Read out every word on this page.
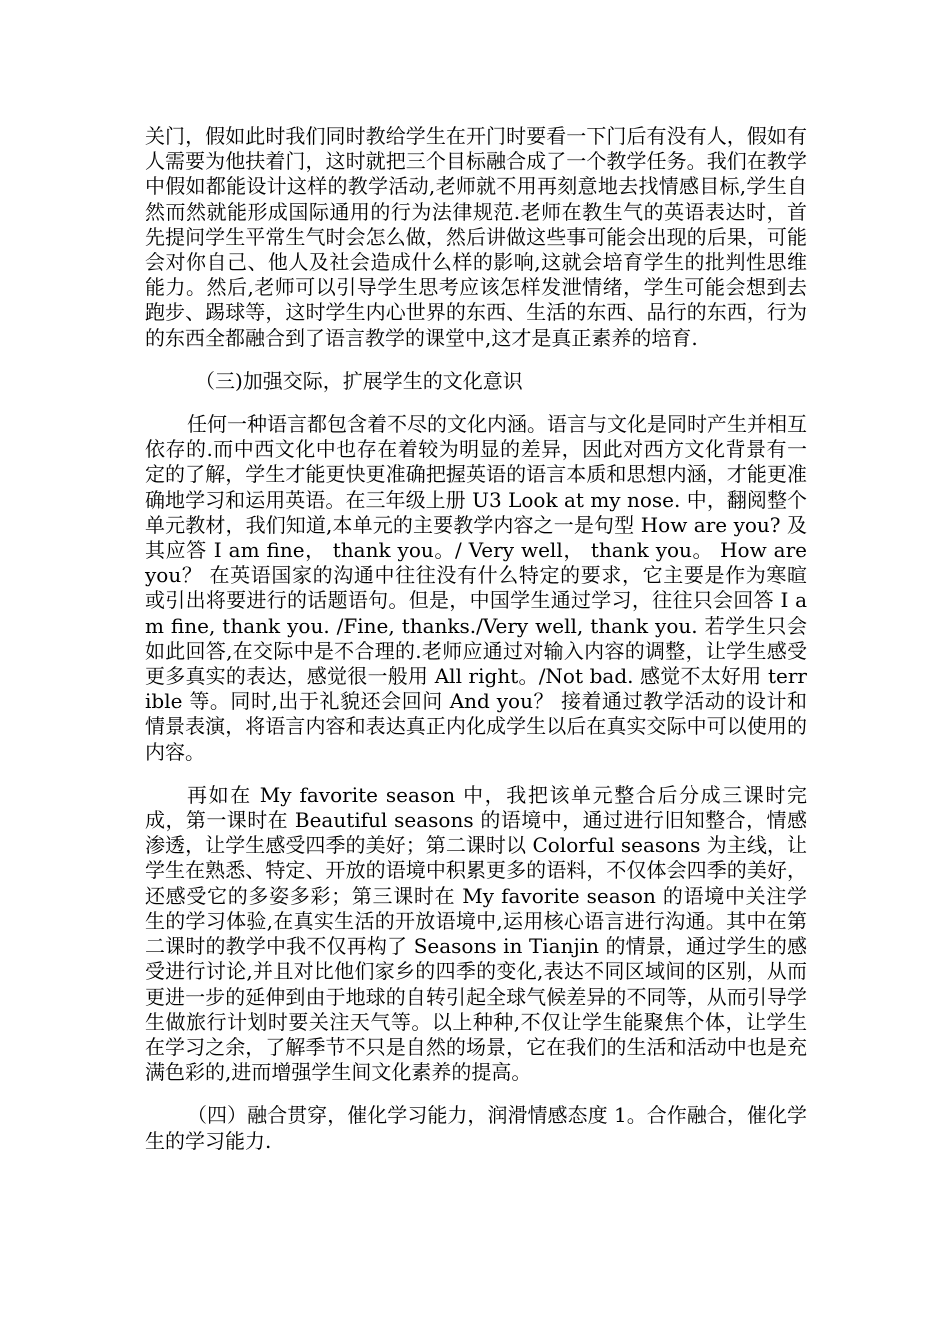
关门，假如此时我们同时教给学生在开门时要看一下门后有没有人，假如有人需要为他扶着门，这时就把三个目标融合成了一个教学任务。我们在教学中假如都能设计这样的教学活动,老师就不用再刻意地去找情感目标,学生自然而然就能形成国际通用的行为法律规范.老师在教生气的英语表达时，首先提问学生平常生气时会怎么做，然后讲做这些事可能会出现的后果，可能会对你自己、他人及社会造成什么样的影响,这就会培育学生的批判性思维能力。然后,老师可以引导学生思考应该怎样发泄情绪，学生可能会想到去跑步、踢球等，这时学生内心世界的东西、生活的东西、品行的东西，行为的东西全都融合到了语言教学的课堂中,这才是真正素养的培育.

（三)加强交际，扩展学生的文化意识

任何一种语言都包含着不尽的文化内涵。语言与文化是同时产生并相互依存的.而中西文化中也存在着较为明显的差异，因此对西方文化背景有一定的了解，学生才能更快更准确把握英语的语言本质和思想内涵，才能更准确地学习和运用英语。在三年级上册 U3 Look at my nose. 中，翻阅整个单元教材，我们知道,本单元的主要教学内容之一是句型 How are you? 及其应答 I am fine， thank you。/ Very well， thank you。 How are you？ 在英语国家的沟通中往往没有什么特定的要求，它主要是作为寒暄或引出将要进行的话题语句。但是，中国学生通过学习，往往只会回答 I am fine, thank you. /Fine, thanks./Very well, thank you. 若学生只会如此回答,在交际中是不合理的.老师应通过对输入内容的调整，让学生感受更多真实的表达，感觉很一般用 All right。/Not bad. 感觉不太好用 terrible 等。同时,出于礼貌还会回问 And you？ 接着通过教学活动的设计和情景表演，将语言内容和表达真正内化成学生以后在真实交际中可以使用的内容。

再如在 My favorite season 中，我把该单元整合后分成三课时完成，第一课时在 Beautiful seasons 的语境中，通过进行旧知整合，情感渗透，让学生感受四季的美好；第二课时以 Colorful seasons 为主线，让学生在熟悉、特定、开放的语境中积累更多的语料，不仅体会四季的美好，还感受它的多姿多彩；第三课时在 My favorite season 的语境中关注学生的学习体验,在真实生活的开放语境中,运用核心语言进行沟通。其中在第二课时的教学中我不仅再构了 Seasons in Tianjin 的情景，通过学生的感受进行讨论,并且对比他们家乡的四季的变化,表达不同区域间的区别，从而更进一步的延伸到由于地球的自转引起全球气候差异的不同等，从而引导学生做旅行计划时要关注天气等。以上种种,不仅让学生能聚焦个体，让学生在学习之余，了解季节不只是自然的场景，它在我们的生活和活动中也是充满色彩的,进而增强学生间文化素养的提高。

（四）融合贯穿，催化学习能力，润滑情感态度 1。合作融合，催化学生的学习能力.
